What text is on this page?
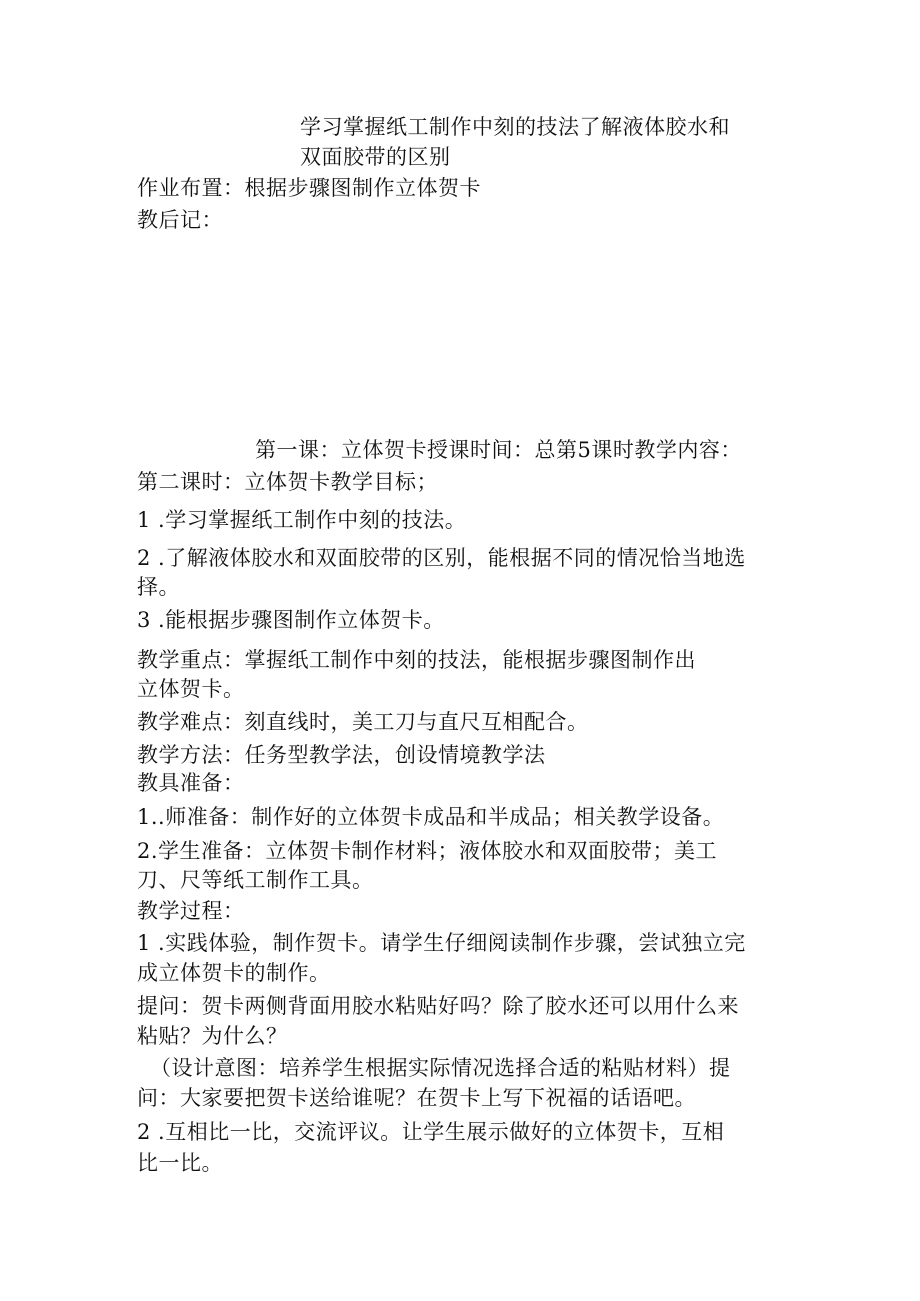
学习掌握纸工制作中刻的技法了解液体胶水和
双面胶带的区别
作业布置：根据步骤图制作立体贺卡
教后记：
第一课：立体贺卡授课时间：总第5课时教学内容：
第二课时：立体贺卡教学目标；
1 .学习掌握纸工制作中刻的技法。
2 .了解液体胶水和双面胶带的区别，能根据不同的情况恰当地选
择。
3 .能根据步骤图制作立体贺卡。
教学重点：掌握纸工制作中刻的技法，能根据步骤图制作出
立体贺卡。
教学难点：刻直线时，美工刀与直尺互相配合。
教学方法：任务型教学法，创设情境教学法
教具准备：
1..师准备：制作好的立体贺卡成品和半成品；相关教学设备。
2.学生准备：立体贺卡制作材料；液体胶水和双面胶带；美工
刀、尺等纸工制作工具。
教学过程：
1 .实践体验，制作贺卡。请学生仔细阅读制作步骤，尝试独立完
成立体贺卡的制作。
提问：贺卡两侧背面用胶水粘贴好吗？除了胶水还可以用什么来
粘贴？为什么？
（设计意图：培养学生根据实际情况选择合适的粘贴材料）提
问：大家要把贺卡送给谁呢？在贺卡上写下祝福的话语吧。
2 .互相比一比，交流评议。让学生展示做好的立体贺卡，互相
比一比。
